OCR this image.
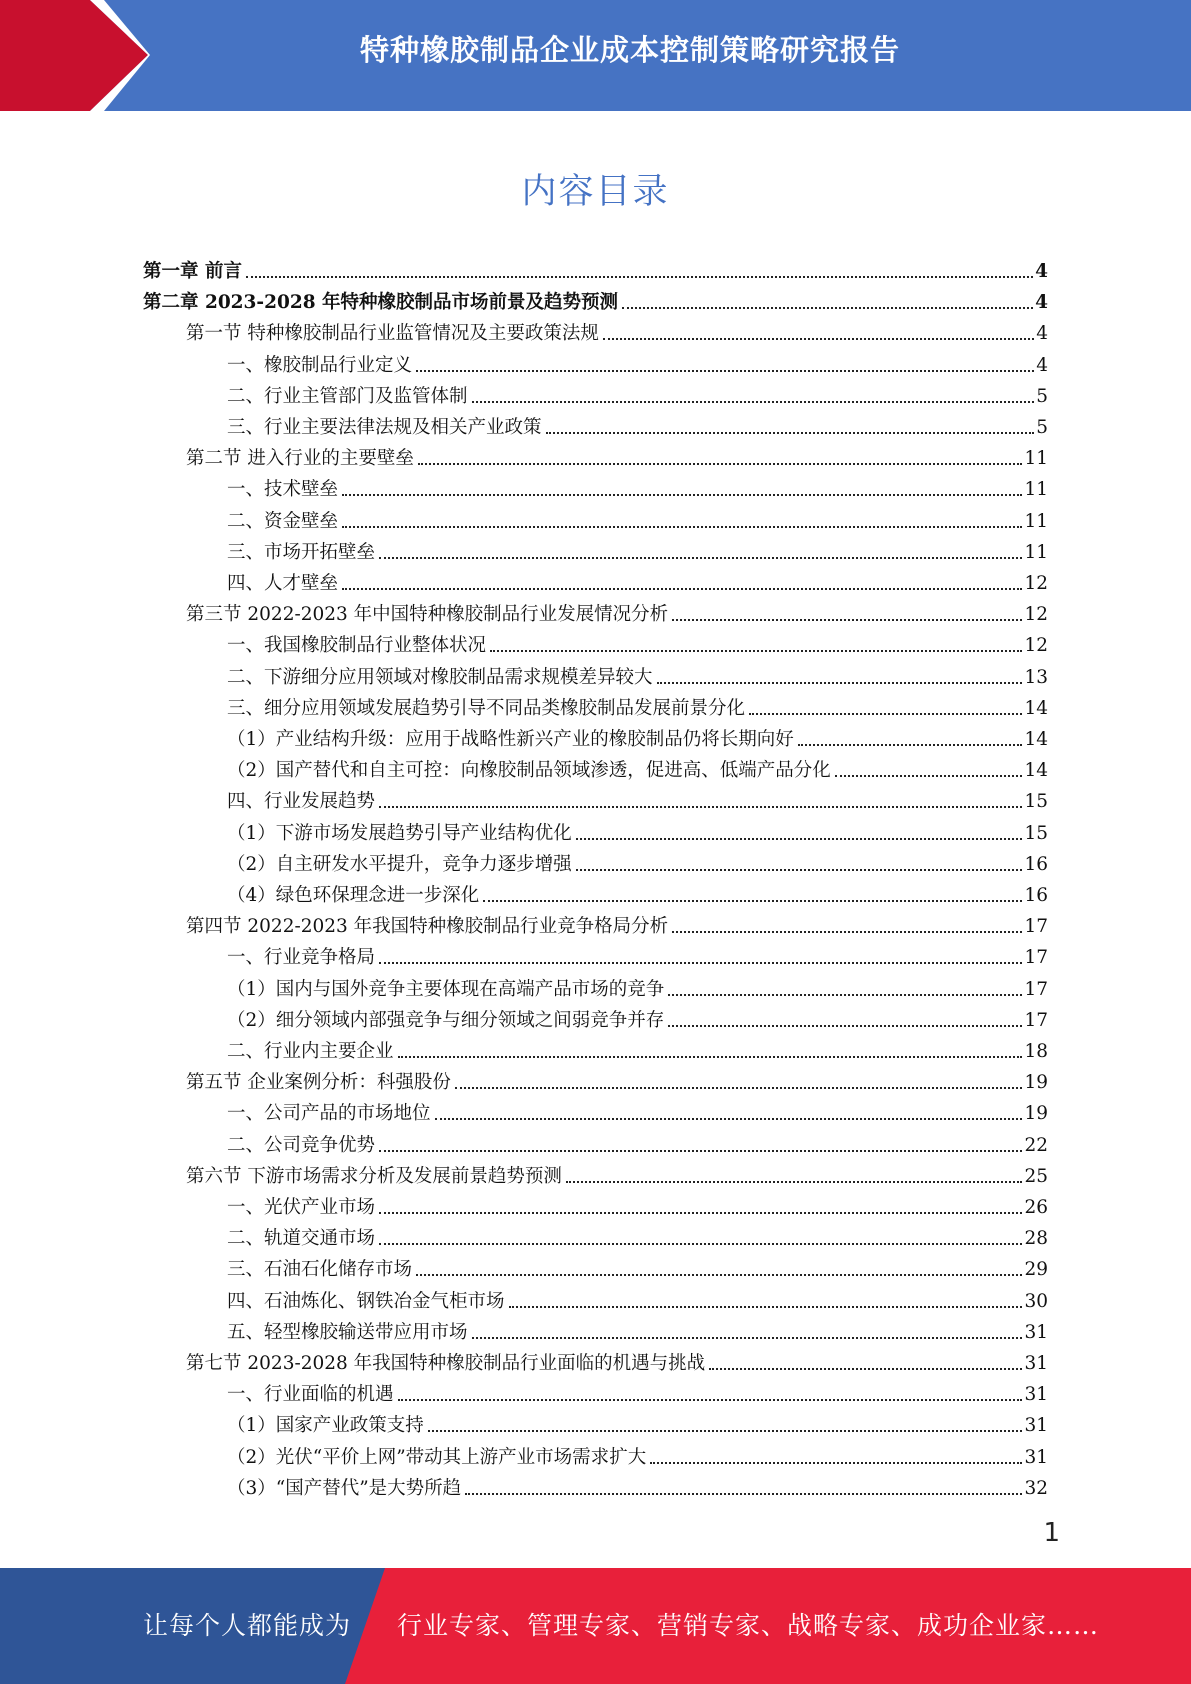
特种橡胶制品企业成本控制策略研究报告
内容目录
第一章 前言	4
第二章 2023-2028 年特种橡胶制品市场前景及趋势预测	4
第一节 特种橡胶制品行业监管情况及主要政策法规	4
一、橡胶制品行业定义	4
二、行业主管部门及监管体制	5
三、行业主要法律法规及相关产业政策	5
第二节 进入行业的主要壁垒	11
一、技术壁垒	11
二、资金壁垒	11
三、市场开拓壁垒	11
四、人才壁垒	12
第三节 2022-2023 年中国特种橡胶制品行业发展情况分析	12
一、我国橡胶制品行业整体状况	12
二、下游细分应用领域对橡胶制品需求规模差异较大	13
三、细分应用领域发展趋势引导不同品类橡胶制品发展前景分化	14
（1）产业结构升级：应用于战略性新兴产业的橡胶制品仍将长期向好	14
（2）国产替代和自主可控：向橡胶制品领域渗透，促进高、低端产品分化	14
四、行业发展趋势	15
（1）下游市场发展趋势引导产业结构优化	15
（2）自主研发水平提升，竞争力逐步增强	16
（4）绿色环保理念进一步深化	16
第四节 2022-2023 年我国特种橡胶制品行业竞争格局分析	17
一、行业竞争格局	17
（1）国内与国外竞争主要体现在高端产品市场的竞争	17
（2）细分领域内部强竞争与细分领域之间弱竞争并存	17
二、行业内主要企业	18
第五节 企业案例分析：科强股份	19
一、公司产品的市场地位	19
二、公司竞争优势	22
第六节 下游市场需求分析及发展前景趋势预测	25
一、光伏产业市场	26
二、轨道交通市场	28
三、石油石化储存市场	29
四、石油炼化、钢铁冶金气柜市场	30
五、轻型橡胶输送带应用市场	31
第七节 2023-2028 年我国特种橡胶制品行业面临的机遇与挑战	31
一、行业面临的机遇	31
（1）国家产业政策支持	31
（2）光伏“平价上网”带动其上游产业市场需求扩大	31
（3）“国产替代”是大势所趋	32
1
让每个人都能成为 行业专家、管理专家、营销专家、战略专家、成功企业家……
